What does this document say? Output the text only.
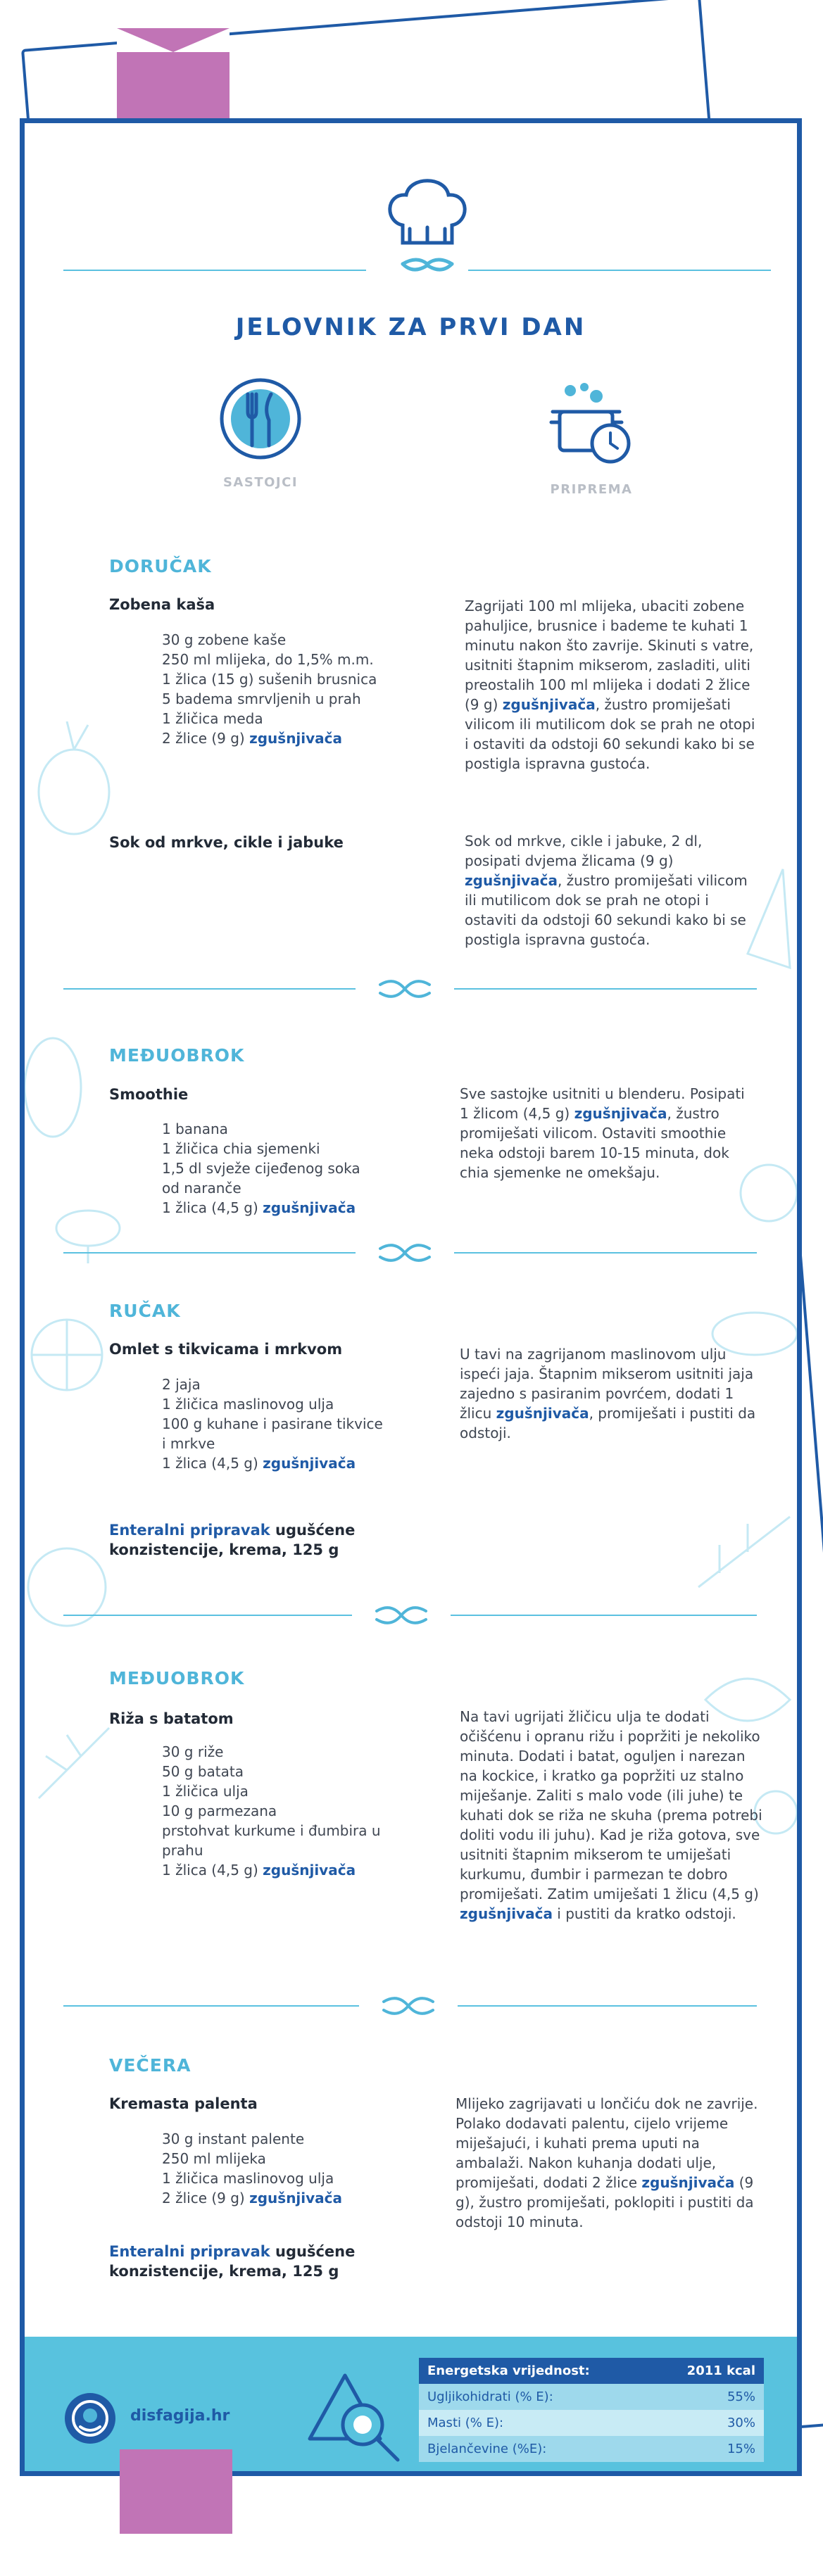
JELOVNIK ZA PRVI DAN
SASTOJCI	PRIPREMA
DORUČAK
Zobena kaša
30 g zobene kaše
250 ml mlijeka, do 1,5% m.m.
1 žlica (15 g) sušenih brusnica
5 badema smrvljenih u prah
1 žličica meda
2 žlice (9 g) zgušnjivača
Zagrijati 100 ml mlijeka, ubaciti zobene pahuljice, brusnice i bademe te kuhati 1 minutu nakon što zavrije. Skinuti s vatre, usitniti štapnim mikserom, zasladiti, uliti preostalih 100 ml mlijeka i dodati 2 žlice (9 g) zgušnjivača, žustro promiješati vilicom ili mutilicom dok se prah ne otopi i ostaviti da odstoji 60 sekundi kako bi se postigla ispravna gustoća.
Sok od mrkve, cikle i jabuke	Sok od mrkve, cikle i jabuke, 2 dl, posipati dvjema žlicama (9 g) zgušnjivača, žustro promiješati vilicom ili mutilicom dok se prah ne otopi i ostaviti da odstoji 60 sekundi kako bi se postigla ispravna gustoća.
MEĐUOBROK
Smoothie
1 banana
1 žličica chia sjemenki
1,5 dl svježe cijeđenog soka
od naranče
1 žlica (4,5 g) zgušnjivača
Sve sastojke usitniti u blenderu. Posipati 1 žlicom (4,5 g) zgušnjivača, žustro promiješati vilicom. Ostaviti smoothie neka odstoji barem 10-15 minuta, dok chia sjemenke ne omekšaju.
RUČAK
Omlet s tikvicama i mrkvom
2 jaja
1 žličica maslinovog ulja
100 g kuhane i pasirane tikvice
i mrkve
1 žlica (4,5 g) zgušnjivača
U tavi na zagrijanom maslinovom ulju ispeći jaja. Štapnim mikserom usitniti jaja zajedno s pasiranim povrćem, dodati 1 žlicu zgušnjivača, promiješati i pustiti da odstoji.
Enteralni pripravak ugušćene konzistencije, krema, 125 g
MEĐUOBROK
Riža s batatom
30 g riže
50 g batata
1 žličica ulja
10 g parmezana
prstohvat kurkume i đumbira u
prahu
1 žlica (4,5 g) zgušnjivača
Na tavi ugrijati žličicu ulja te dodati očišćenu i opranu rižu i popržiti je nekoliko minuta. Dodati i batat, oguljen i narezan na kockice, i kratko ga popržiti uz stalno miješanje. Zaliti s malo vode (ili juhe) te kuhati dok se riža ne skuha (prema potrebi doliti vodu ili juhu). Kad je riža gotova, sve usitniti štapnim mikserom te umiješati kurkumu, đumbir i parmezan te dobro promiješati. Zatim umiješati 1 žlicu (4,5 g) zgušnjivača i pustiti da kratko odstoji.
VEČERA
Kremasta palenta
30 g instant palente
250 ml mlijeka
1 žličica maslinovog ulja
2 žlice (9 g) zgušnjivača
Mlijeko zagrijavati u lončiću dok ne zavrije. Polako dodavati palentu, cijelo vrijeme miješajući, i kuhati prema uputi na ambalaži. Nakon kuhanja dodati ulje, promiješati, dodati 2 žlice zgušnjivača (9 g), žustro promiješati, poklopiti i pustiti da odstoji 10 minuta.
Enteralni pripravak ugušćene konzistencije, krema, 125 g
disfagija.hr
Energetska vrijednost:	2011 kcal
Ugljikohidrati (% E):	55%
Masti (% E):	30%
Bjelančevine (%E):	15%
